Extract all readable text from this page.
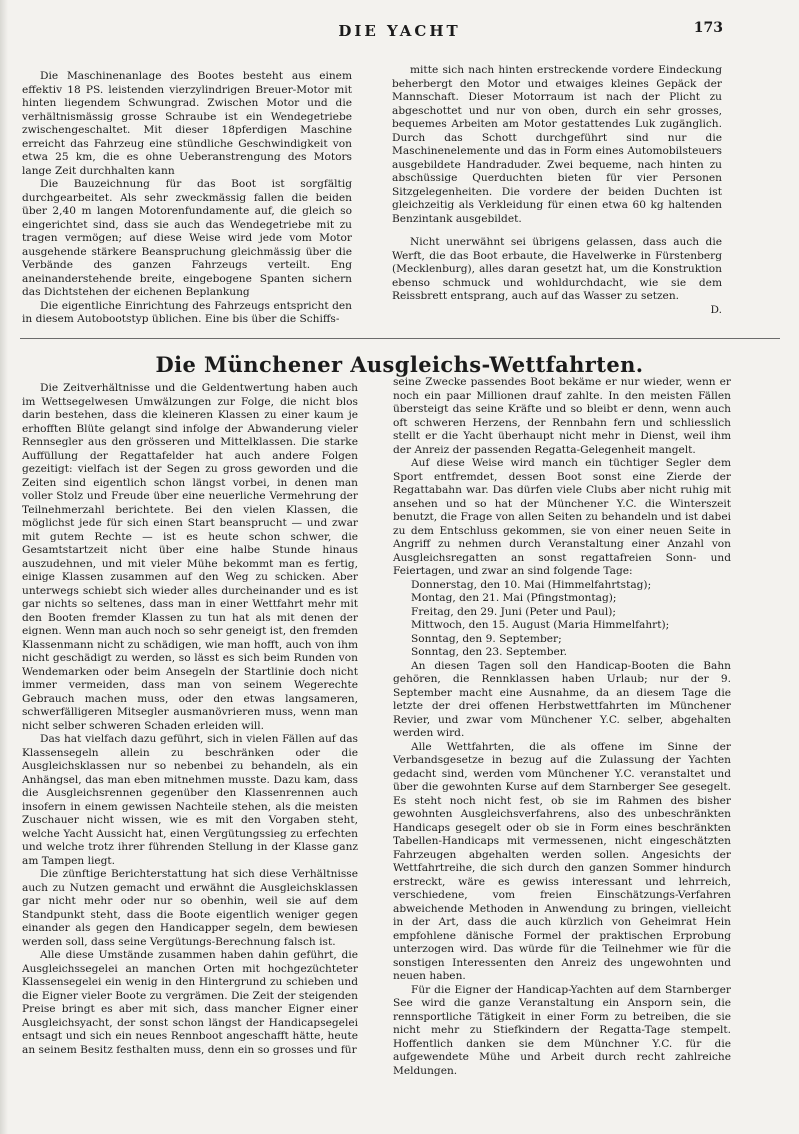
DIE YACHT	173

Die Maschinenanlage des Bootes besteht aus einem effektiv 18 PS. leistenden vierzylindrigen Breuer-Motor mit hinten liegendem Schwungrad. Zwischen Motor und die verhältnismässig grosse Schraube ist ein Wendegetriebe zwischengeschaltet. Mit dieser 18pferdigen Maschine erreicht das Fahrzeug eine stündliche Geschwindigkeit von etwa 25 km, die es ohne Ueberanstrengung des Motors lange Zeit durchhalten kann

Die Bauzeichnung für das Boot ist sorgfältig durchgearbeitet. Als sehr zweckmässig fallen die beiden über 2,40 m langen Motorenfundamente auf, die gleich so eingerichtet sind, dass sie auch das Wendegetriebe mit zu tragen vermögen; auf diese Weise wird jede vom Motor ausgehende stärkere Beanspruchung gleichmässig über die Verbände des ganzen Fahrzeugs verteilt. Eng aneinanderstehende breite, eingebogene Spanten sichern das Dichtstehen der eichenen Beplankung

Die eigentliche Einrichtung des Fahrzeugs entspricht den in diesem Autobootstyp üblichen. Eine bis über die Schiffs-

mitte sich nach hinten erstreckende vordere Eindeckung beherbergt den Motor und etwaiges kleines Gepäck der Mannschaft. Dieser Motorraum ist nach der Plicht zu abgeschottet und nur von oben, durch ein sehr grosses, bequemes Arbeiten am Motor gestattendes Luk zugänglich. Durch das Schott durchgeführt sind nur die Maschinenelemente und das in Form eines Automobilsteuers ausgebildete Handraduder. Zwei bequeme, nach hinten zu abschüssige Querduchten bieten für vier Personen Sitzgelegenheiten. Die vordere der beiden Duchten ist gleichzeitig als Verkleidung für einen etwa 60 kg haltenden Benzintank ausgebildet.

Nicht unerwähnt sei übrigens gelassen, dass auch die Werft, die das Boot erbaute, die Havelwerke in Fürstenberg (Mecklenburg), alles daran gesetzt hat, um die Konstruktion ebenso schmuck und wohldurchdacht, wie sie dem Reissbrett entsprang, auch auf das Wasser zu setzen.

D.
Die Münchener Ausgleichs-Wettfahrten.

Die Zeitverhältnisse und die Geldentwertung haben auch im Wettsegelwesen Umwälzungen zur Folge, die nicht blos darin bestehen, dass die kleineren Klassen zu einer kaum je erhofften Blüte gelangt sind infolge der Abwanderung vieler Rennsegler aus den grösseren und Mittelklassen. Die starke Auffüllung der Regattafelder hat auch andere Folgen gezeitigt: vielfach ist der Segen zu gross geworden und die Zeiten sind eigentlich schon längst vorbei, in denen man voller Stolz und Freude über eine neuerliche Vermehrung der Teilnehmerzahl berichtete. Bei den vielen Klassen, die möglichst jede für sich einen Start beansprucht — und zwar mit gutem Rechte — ist es heute schon schwer, die Gesamtstartzeit nicht über eine halbe Stunde hinaus auszudehnen, und mit vieler Mühe bekommt man es fertig, einige Klassen zusammen auf den Weg zu schicken. Aber unterwegs schiebt sich wieder alles durcheinander und es ist gar nichts so seltenes, dass man in einer Wettfahrt mehr mit den Booten fremder Klassen zu tun hat als mit denen der eignen. Wenn man auch noch so sehr geneigt ist, den fremden Klassenmann nicht zu schädigen, wie man hofft, auch von ihm nicht geschädigt zu werden, so lässt es sich beim Runden von Wendemarken oder beim Ansegeln der Startlinie doch nicht immer vermeiden, dass man von seinem Wegerechte Gebrauch machen muss, oder den etwas langsameren, schwerfälligeren Mitsegler ausmanövrieren muss, wenn man nicht selber schweren Schaden erleiden will.

Das hat vielfach dazu geführt, sich in vielen Fällen auf das Klassensegeln allein zu beschränken oder die Ausgleichsklassen nur so nebenbei zu behandeln, als ein Anhängsel, das man eben mitnehmen musste. Dazu kam, dass die Ausgleichsrennen gegenüber den Klassenrennen auch insofern in einem gewissen Nachteile stehen, als die meisten Zuschauer nicht wissen, wie es mit den Vorgaben steht, welche Yacht Aussicht hat, einen Vergütungssieg zu erfechten und welche trotz ihrer führenden Stellung in der Klasse ganz am Tampen liegt.

Die zünftige Berichterstattung hat sich diese Verhältnisse auch zu Nutzen gemacht und erwähnt die Ausgleichsklassen gar nicht mehr oder nur so obenhin, weil sie auf dem Standpunkt steht, dass die Boote eigentlich weniger gegen einander als gegen den Handicapper segeln, dem bewiesen werden soll, dass seine Vergütungs-Berechnung falsch ist.

Alle diese Umstände zusammen haben dahin geführt, die Ausgleichssegelei an manchen Orten mit hochgezüchteter Klassensegelei ein wenig in den Hintergrund zu schieben und die Eigner vieler Boote zu vergrämen. Die Zeit der steigenden Preise bringt es aber mit sich, dass mancher Eigner einer Ausgleichsyacht, der sonst schon längst der Handicapsegelei entsagt und sich ein neues Rennboot angeschafft hätte, heute an seinem Besitz festhalten muss, denn ein so grosses und für

seine Zwecke passendes Boot bekäme er nur wieder, wenn er noch ein paar Millionen drauf zahlte. In den meisten Fällen übersteigt das seine Kräfte und so bleibt er denn, wenn auch oft schweren Herzens, der Rennbahn fern und schliesslich stellt er die Yacht überhaupt nicht mehr in Dienst, weil ihm der Anreiz der passenden Regatta-Gelegenheit mangelt.

Auf diese Weise wird manch ein tüchtiger Segler dem Sport entfremdet, dessen Boot sonst eine Zierde der Regattabahn war. Das dürfen viele Clubs aber nicht ruhig mit ansehen und so hat der Münchener Y.C. die Winterszeit benutzt, die Frage von allen Seiten zu behandeln und ist dabei zu dem Entschluss gekommen, sie von einer neuen Seite in Angriff zu nehmen durch Veranstaltung einer Anzahl von Ausgleichsregatten an sonst regattafreien Sonn- und Feiertagen, und zwar an sind folgende Tage:

Donnerstag, den 10. Mai (Himmelfahrtstag);
Montag, den 21. Mai (Pfingstmontag);
Freitag, den 29. Juni (Peter und Paul);
Mittwoch, den 15. August (Maria Himmelfahrt);
Sonntag, den 9. September;
Sonntag, den 23. September.

An diesen Tagen soll den Handicap-Booten die Bahn gehören, die Rennklassen haben Urlaub; nur der 9. September macht eine Ausnahme, da an diesem Tage die letzte der drei offenen Herbstwettfahrten im Münchener Revier, und zwar vom Münchener Y.C. selber, abgehalten werden wird.

Alle Wettfahrten, die als offene im Sinne der Verbandsgesetze in bezug auf die Zulassung der Yachten gedacht sind, werden vom Münchener Y.C. veranstaltet und über die gewohnten Kurse auf dem Starnberger See gesegelt. Es steht noch nicht fest, ob sie im Rahmen des bisher gewohnten Ausgleichsverfahrens, also des unbeschränkten Handicaps gesegelt oder ob sie in Form eines beschränkten Tabellen-Handicaps mit vermessenen, nicht eingeschätzten Fahrzeugen abgehalten werden sollen. Angesichts der Wettfahrtreihe, die sich durch den ganzen Sommer hindurch erstreckt, wäre es gewiss interessant und lehrreich, verschiedene, vom freien Einschätzungs-Verfahren abweichende Methoden in Anwendung zu bringen, vielleicht in der Art, dass die auch kürzlich von Geheimrat Hein empfohlene dänische Formel der praktischen Erprobung unterzogen wird. Das würde für die Teilnehmer wie für die sonstigen Interessenten den Anreiz des ungewohnten und neuen haben.

Für die Eigner der Handicap-Yachten auf dem Starnberger See wird die ganze Veranstaltung ein Ansporn sein, die rennsportliche Tätigkeit in einer Form zu betreiben, die sie nicht mehr zu Stiefkindern der Regatta-Tage stempelt. Hoffentlich danken sie dem Münchner Y.C. für die aufgewendete Mühe und Arbeit durch recht zahlreiche Meldungen.
